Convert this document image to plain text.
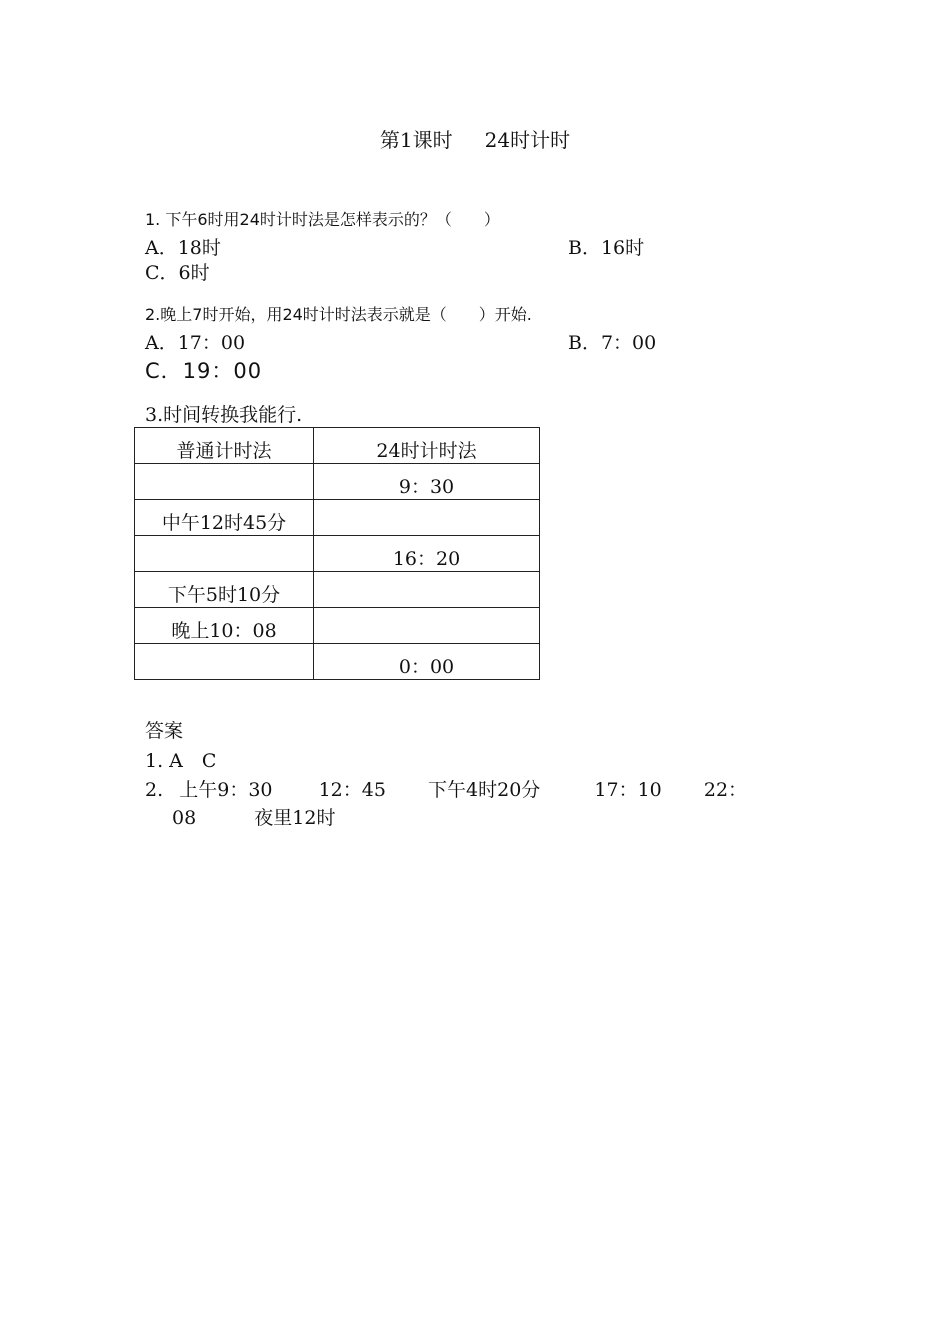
第1课时 24时计时
1. 下午6时用24时计时法是怎样表示的？（　　）
A．18时	B．16时
C．6时
2.晚上7时开始，用24时计时法表示就是（　　）开始.
A．17：00	B．7：00
C．19：00
3.时间转换我能行.
普通计时法	24时计时法

	9：30

中午12时45分	

	16：20

下午5时10分	

晚上10：08	

	0：00
答案
1. A　C
2. 上午9：30 12：45 下午4时20分	17：10 22：
08	夜里12时
